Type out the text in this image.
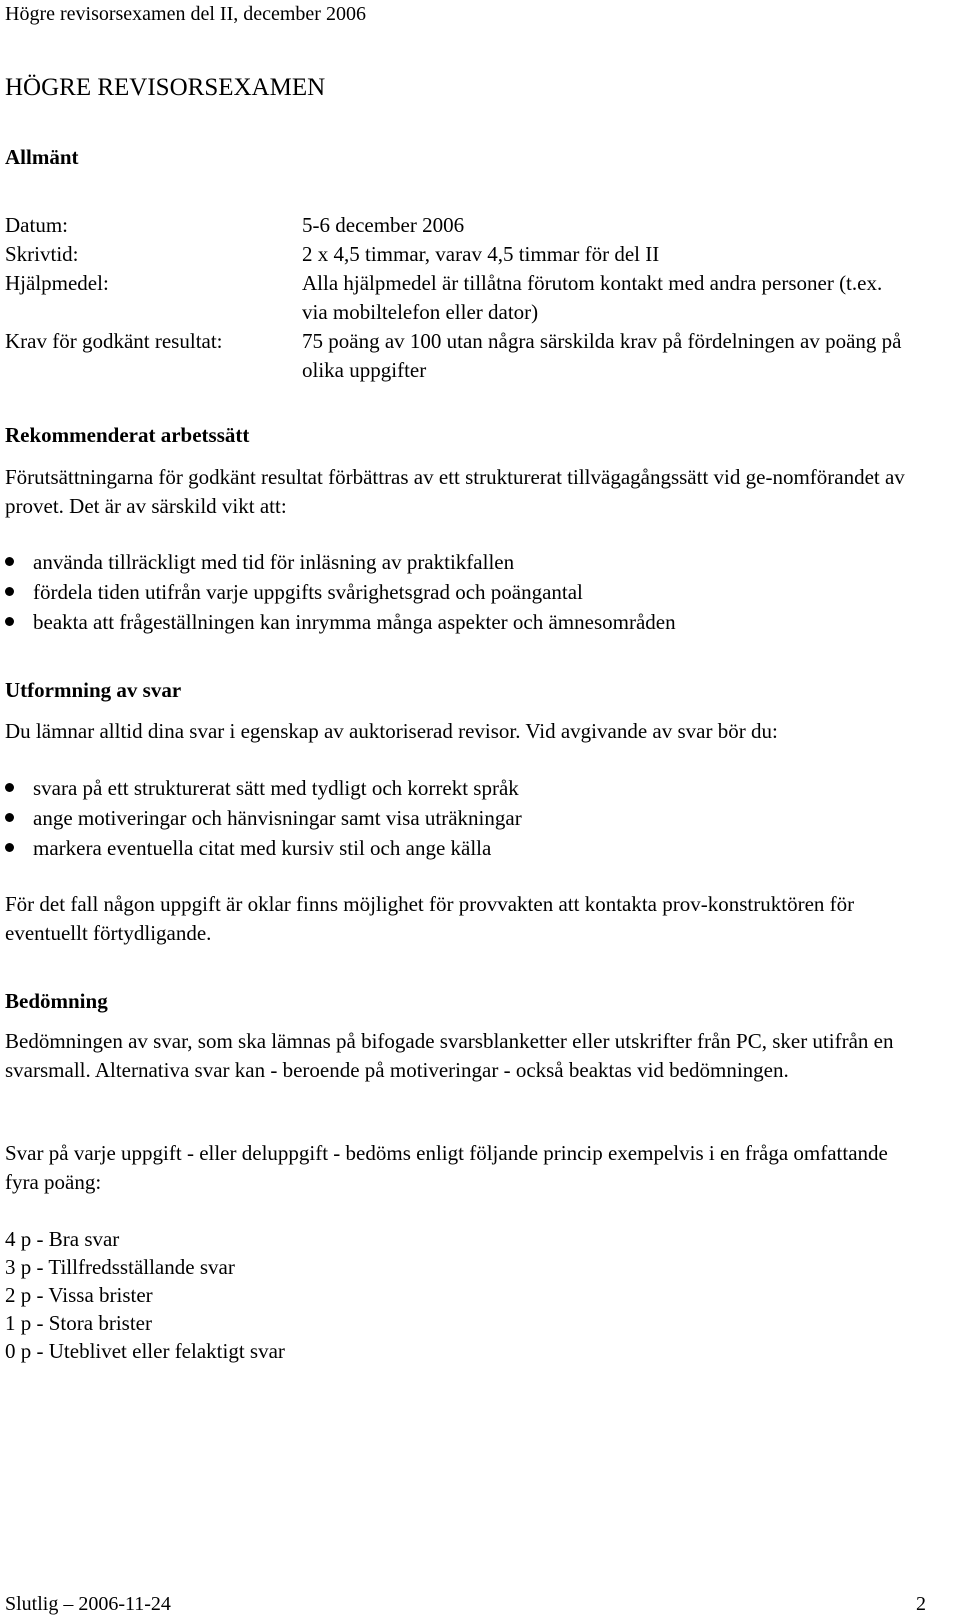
Högre revisorsexamen del II, december 2006
HÖGRE REVISORSEXAMEN
Allmänt
Datum:	5-6 december 2006
Skrivtid:	2 x 4,5 timmar, varav 4,5 timmar för del II
Hjälpmedel:	Alla hjälpmedel är tillåtna förutom kontakt med andra personer (t.ex. via mobiltelefon eller dator)
Krav för godkänt resultat:	75 poäng av 100 utan några särskilda krav på fördelningen av poäng på olika uppgifter
Rekommenderat arbetssätt

Förutsättningarna för godkänt resultat förbättras av ett strukturerat tillvägagångssätt vid ge-nomförandet av provet. Det är av särskild vikt att:

använda tillräckligt med tid för inläsning av praktikfallen
fördela tiden utifrån varje uppgifts svårighetsgrad och poängantal
beakta att frågeställningen kan inrymma många aspekter och ämnesområden
Utformning av svar

Du lämnar alltid dina svar i egenskap av auktoriserad revisor. Vid avgivande av svar bör du:

svara på ett strukturerat sätt med tydligt och korrekt språk
ange motiveringar och hänvisningar samt visa uträkningar
markera eventuella citat med kursiv stil och ange källa

För det fall någon uppgift är oklar finns möjlighet för provvakten att kontakta prov-konstruktören för eventuellt förtydligande.

Bedömning

Bedömningen av svar, som ska lämnas på bifogade svarsblanketter eller utskrifter från PC, sker utifrån en svarsmall. Alternativa svar kan - beroende på motiveringar - också beaktas vid bedömningen.

Svar på varje uppgift - eller deluppgift - bedöms enligt följande princip exempelvis i en fråga omfattande fyra poäng:

4 p - Bra svar
3 p - Tillfredsställande svar
2 p - Vissa brister
1 p - Stora brister
0 p - Uteblivet eller felaktigt svar
Slutlig – 2006-11-24	2
